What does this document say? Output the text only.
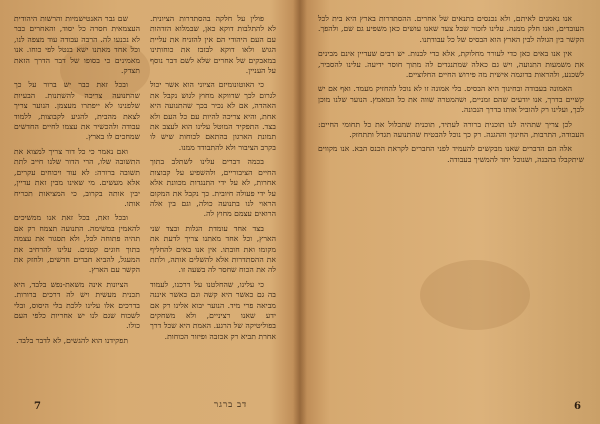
פולין על חלקה בהסתדרות הציונית. לא להתלבות דוקא כאן, שבמלוא הזדהות עם העם היהודי הם אין להזניח את עליית הגוש ולאו דוקא לבזבז את כוחותינו במאבקים של אחרים שלא לשם דבר נוסף על העניין.

כי האוטונומיזם הציוני הוא אשר יכול לגרום לכך שדווקא מחוץ לגוש נקבל את האהדה, אם לא נכיר בכך שהתנועה היא אחת, והיא צריכה להיות עם כל העם ולא בצד. התפקיד המוטל עלינו הוא לעצב את תמונת הארגון בהתאם לכוחות שיש לו בקרב הציבור ולא להתבודד ממנו.

בכמה דברים עלינו לשתלב בתוך החיים הציבוריים, ולהשפיע על קבוצות אחרות, לא על ידי התנגדות מכוונת אלא על ידי פעולה חיובית. כך נקבל את המקום הראוי לנו בתנועה כולה, וגם בין אלה הרואים עצמם מחוץ לה.

בצד אחד עומדת הגלות ובצד שני הארץ, וכל אחד מאתנו צריך לדעת את מקומו ואת חובתו. אין אנו באים להחליף את ההסתדרות אלא להשלים אותה, ולתת לה את הכוח שחסר לה בשעה זו.

כי עלינו, שהחלטנו על דרכנו, לעמוד בה גם כאשר היא קשה וגם כאשר איננה מביאה פרי מיד. הנוער יבוא אלינו רק אם ידע שאנו רציניים, ולא משחקים בפוליטיקה של הרגע. האמת היא שכל דרך אחרת תביא רק אכזבה ופיזור הכוחות.

שם גבר האנטישמיות והרשות היהודית העצמאית חסרה כל יסוד, והאחרים כבר לא נכנעו לה. הרבה עבודה עוד מצפה לנו, וכל אחד מאתנו ישא בנטל לפי כוחו. אנו מאמינים כי בסופו של דבר הדרך הזאת תצדק.

ובכל זאת כבר יש ברור על כך שהתנועה צריכה להשתנות. הבעיות שלפנינו לא ייפתרו מעצמן. הנוער צריך לצאת מהבית, להגיע לקבוצות, ללמוד עבודה ולהכשיר את עצמו לחיים החדשים שמחכים לו בארץ.

ואם נאמר כי כל דור צריך למצוא את התשובה שלו, הרי הדור שלנו חייב לתת תשובה ברורה: לא עוד ויכוחים עקרים, אלא מעשים. מי שאינו מבין זאת עדיין, יבין אותה בקרוב, כי המציאות תכריח אותו.

ובכל זאת, בכל זאת אנו ממשיכים להאמין במשימה. התנועה תצמח רק אם תהיה פתוחה לכל, ולא תסגור את עצמה בתוך חוגים קטנים. עלינו להרחיב את המעגל, להביא חברים חדשים, ולחזק את הקשר עם הארץ.

הציונות אינה משאת-נפש בלבד, היא תכנית מעשית ויש לה דרכים ברורות. בדרכים אלו עלינו ללכת בלי היסוס, ובלי לשכוח שגם לנו יש אחריות כלפי העם כולו.

תפקידנו הוא להגשים, לא לדבר בלבד.

אנו נאמנים לאיתם, ולא נכנסים בתנאים של אחרים. ההסתדרות בארץ היא בית לכל העובדים, ואנו חלק ממנה. עלינו לזכור שכל צעד שאנו עושים כאן משפיע גם שם, ולהפך. הקשר בין הגולה לבין הארץ הוא הבסיס של כל עבודתנו.

אין אנו באים כאן כדי לעורר מחלוקת, אלא כדי לבנות. יש רבים שעדיין אינם מבינים את משמעות התנועה, ויש גם כאלה שמתנגדים לה מתוך חוסר ידיעה. עלינו להסביר, לשכנע, ולהראות בדוגמה אישית מה פירוש החיים החלוציים.

האמונה בעבודה ובחינוך היא הבסיס. בלי אמונה זו לא נוכל להחזיק מעמד. ואף אם יש קשיים בדרך, אנו יודעים שהם זמניים, ושהמטרה שווה את כל המאמץ. הנוער שלנו מוכן לכך, ועלינו רק להוביל אותו בדרך הנכונה.

לכן צריך שתהיה לנו תוכנית ברורה לעתיד, תוכנית שתכלול את כל תחומי החיים: העבודה, התרבות, החינוך וההגנה. רק כך נוכל להבטיח שהתנועה תגדל ותתחזק.

אלה הם הדברים שאנו מבקשים להעמיד לפני החברים לקראת הכנס הבא. אנו מקווים שיתקבלו בהבנה, ושנוכל יחד להמשיך בעבודה.

דב ברגר
7	6
